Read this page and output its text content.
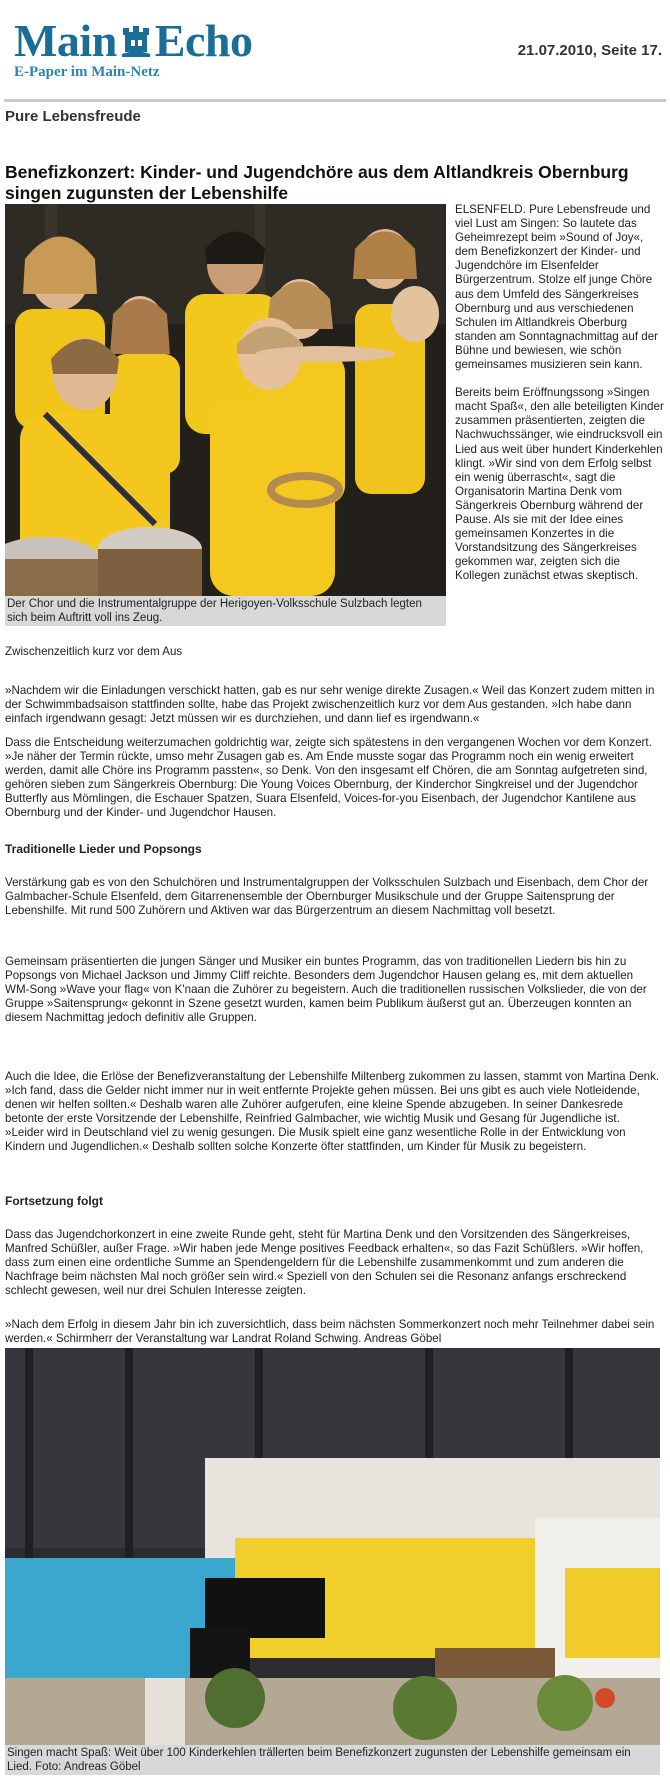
Main Echo
E-Paper im Main-Netz
21.07.2010, Seite 17.
Pure Lebensfreude
Benefizkonzert: Kinder- und Jugendchöre aus dem Altlandkreis Obernburg singen zugunsten der Lebenshilfe
Der Chor und die Instrumentalgruppe der Herigoyen-Volksschule Sulzbach legten sich beim Auftritt voll ins Zeug.

ELSENFELD. Pure Lebensfreude und viel Lust am Singen: So lautete das Geheimrezept beim »Sound of Joy«, dem Benefizkonzert der Kinder- und Jugendchöre im Elsenfelder Bürgerzentrum. Stolze elf junge Chöre aus dem Umfeld des Sängerkreises Obernburg und aus verschiedenen Schulen im Altlandkreis Oberburg standen am Sonntagnachmittag auf der Bühne und bewiesen, wie schön gemeinsames musizieren sein kann.

Bereits beim Eröffnungssong »Singen macht Spaß«, den alle beteiligten Kinder zusammen präsentierten, zeigten die Nachwuchssänger, wie eindrucksvoll ein Lied aus weit über hundert Kinderkehlen klingt. »Wir sind von dem Erfolg selbst ein wenig überrascht«, sagt die Organisatorin Martina Denk vom Sängerkreis Obernburg während der Pause. Als sie mit der Idee eines gemeinsamen Konzertes in die Vorstandsitzung des Sängerkreises gekommen war, zeigten sich die Kollegen zunächst etwas skeptisch.

Zwischenzeitlich kurz vor dem Aus
»Nachdem wir die Einladungen verschickt hatten, gab es nur sehr wenige direkte Zusagen.« Weil das Konzert zudem mitten in der Schwimmbadsaison stattfinden sollte, habe das Projekt zwischenzeitlich kurz vor dem Aus gestanden. »Ich habe dann einfach irgendwann gesagt: Jetzt müssen wir es durchziehen, und dann lief es irgendwann.«
Dass die Entscheidung weiterzumachen goldrichtig war, zeigte sich spätestens in den vergangenen Wochen vor dem Konzert. »Je näher der Termin rückte, umso mehr Zusagen gab es. Am Ende musste sogar das Programm noch ein wenig erweitert werden, damit alle Chöre ins Programm passten«, so Denk. Von den insgesamt elf Chören, die am Sonntag aufgetreten sind, gehören sieben zum Sängerkreis Obernburg: Die Young Voices Obernburg, der Kinderchor Singkreisel und der Jugendchor Butterfly aus Mömlingen, die Eschauer Spatzen, Suara Elsenfeld, Voices-for-you Eisenbach, der Jugendchor Kantilene aus Obernburg und der Kinder- und Jugendchor Hausen.
Traditionelle Lieder und Popsongs
Verstärkung gab es von den Schulchören und Instrumentalgruppen der Volksschulen Sulzbach und Eisenbach, dem Chor der Galmbacher-Schule Elsenfeld, dem Gitarrenensemble der Obernburger Musikschule und der Gruppe Saitensprung der Lebenshilfe. Mit rund 500 Zuhörern und Aktiven war das Bürgerzentrum an diesem Nachmittag voll besetzt.
Gemeinsam präsentierten die jungen Sänger und Musiker ein buntes Programm, das von traditionellen Liedern bis hin zu Popsongs von Michael Jackson und Jimmy Cliff reichte. Besonders dem Jugendchor Hausen gelang es, mit dem aktuellen WM-Song »Wave your flag« von K'naan die Zuhörer zu begeistern. Auch die traditionellen russischen Volkslieder, die von der Gruppe »Saitensprung« gekonnt in Szene gesetzt wurden, kamen beim Publikum äußerst gut an. Überzeugen konnten an diesem Nachmittag jedoch definitiv alle Gruppen.
Auch die Idee, die Erlöse der Benefizveranstaltung der Lebenshilfe Miltenberg zukommen zu lassen, stammt von Martina Denk. »Ich fand, dass die Gelder nicht immer nur in weit entfernte Projekte gehen müssen. Bei uns gibt es auch viele Notleidende, denen wir helfen sollten.« Deshalb waren alle Zuhörer aufgerufen, eine kleine Spende abzugeben. In seiner Dankesrede betonte der erste Vorsitzende der Lebenshilfe, Reinfried Galmbacher, wie wichtig Musik und Gesang für Jugendliche ist. »Leider wird in Deutschland viel zu wenig gesungen. Die Musik spielt eine ganz wesentliche Rolle in der Entwicklung von Kindern und Jugendlichen.« Deshalb sollten solche Konzerte öfter stattfinden, um Kinder für Musik zu begeistern.
Fortsetzung folgt
Dass das Jugendchorkonzert in eine zweite Runde geht, steht für Martina Denk und den Vorsitzenden des Sängerkreises, Manfred Schüßler, außer Frage. »Wir haben jede Menge positives Feedback erhalten«, so das Fazit Schüßlers. »Wir hoffen, dass zum einen eine ordentliche Summe an Spendengeldern für die Lebenshilfe zusammenkommt und zum anderen die Nachfrage beim nächsten Mal noch größer sein wird.« Speziell von den Schulen sei die Resonanz anfangs erschreckend schlecht gewesen, weil nur drei Schulen Interesse zeigten.
»Nach dem Erfolg in diesem Jahr bin ich zuversichtlich, dass beim nächsten Sommerkonzert noch mehr Teilnehmer dabei sein werden.« Schirmherr der Veranstaltung war Landrat Roland Schwing. Andreas Göbel
Singen macht Spaß: Weit über 100 Kinderkehlen trällerten beim Benefizkonzert zugunsten der Lebenshilfe gemeinsam ein Lied. Foto: Andreas Göbel
